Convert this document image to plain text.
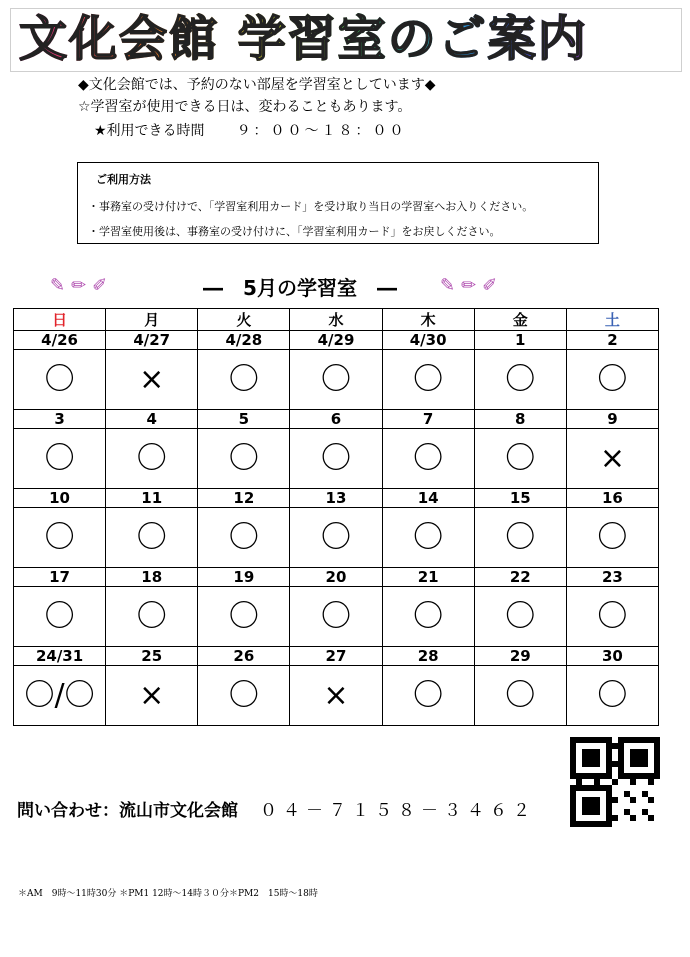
文化会館 学習室のご案内
◆文化会館では、予約のない部屋を学習室としています◆
☆学習室が使用できる日は、変わることもあります。
★利用できる時間 ９：００～１８：００
ご利用方法
・事務室の受け付けで、「学習室利用カード」を受け取り当日の学習室へお入りください。
・学習室使用後は、事務室の受け付けに、「学習室利用カード」をお戻しください。
✎✏✐	―　5月の学習室　―	✎✏✐
日	月	火	水	木	金	土
4/26	4/27	4/28	4/29	4/30	1	2
〇	×	〇	〇	〇	〇	〇
3	4	5	6	7	8	9
〇	〇	〇	〇	〇	〇	×
10	11	12	13	14	15	16
〇	〇	〇	〇	〇	〇	〇
17	18	19	20	21	22	23
〇	〇	〇	〇	〇	〇	〇
24/31	25	26	27	28	29	30
〇/〇	×	〇	×	〇	〇	〇
問い合わせ：流山市文化会館 ０４－７１５８－３４６２
＊AM　9時～11時30分 ＊PM1 12時～14時３０分＊PM2　15時～18時
